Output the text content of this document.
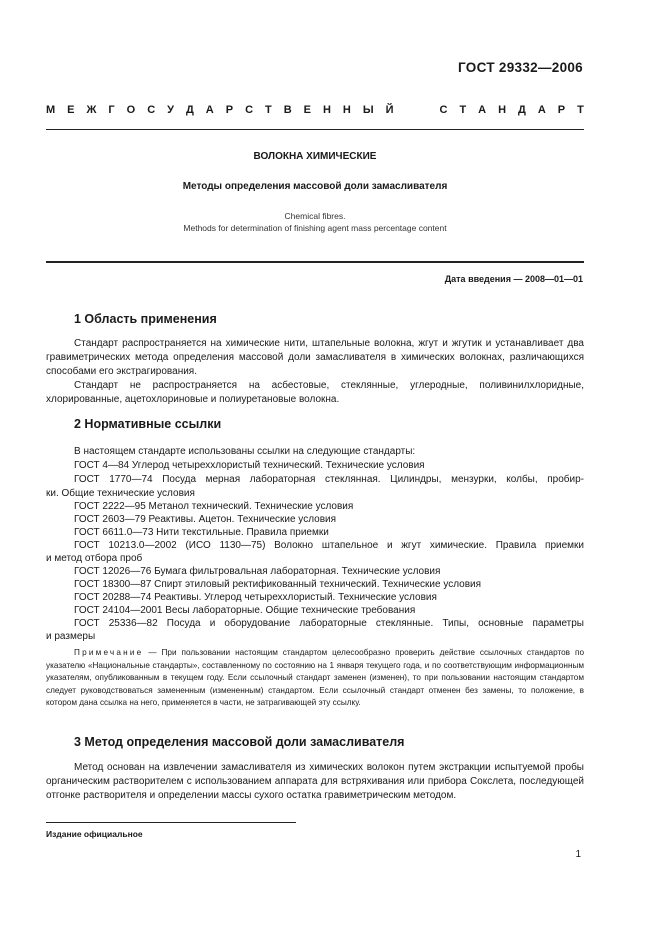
ГОСТ 29332—2006
М Е Ж Г О С У Д А Р С Т В Е Н Н Ы Й	С Т А Н Д А Р Т
ВОЛОКНА ХИМИЧЕСКИЕ
Методы определения массовой доли замасливателя
Chemical fibres.
Methods for determination of finishing agent mass percentage content
Дата введения — 2008—01—01
1 Область применения
Стандарт распространяется на химические нити, штапельные волокна, жгут и жгутик и устанавливает два гравиметрических метода определения массовой доли замасливателя в химических волокнах, различающихся способами его экстрагирования.
Стандарт не распространяется на асбестовые, стеклянные, углеродные, поливинилхлоридные, хлорированные, ацетохлориновые и полиуретановые волокна.
2 Нормативные ссылки
В настоящем стандарте использованы ссылки на следующие стандарты:
ГОСТ 4—84 Углерод четыреххлористый технический. Технические условия
ГОСТ 1770—74 Посуда мерная лабораторная стеклянная. Цилиндры, мензурки, колбы, пробир-
ки. Общие технические условия
ГОСТ 2222—95 Метанол технический. Технические условия
ГОСТ 2603—79 Реактивы. Ацетон. Технические условия
ГОСТ 6611.0—73 Нити текстильные. Правила приемки
ГОСТ 10213.0—2002 (ИСО 1130—75) Волокно штапельное и жгут химические. Правила приемки
и метод отбора проб
ГОСТ 12026—76 Бумага фильтровальная лабораторная. Технические условия
ГОСТ 18300—87 Спирт этиловый ректификованный технический. Технические условия
ГОСТ 20288—74 Реактивы. Углерод четыреххлористый. Технические условия
ГОСТ 24104—2001 Весы лабораторные. Общие технические требования
ГОСТ 25336—82 Посуда и оборудование лабораторные стеклянные. Типы, основные параметры
и размеры
Примечание — При пользовании настоящим стандартом целесообразно проверить действие ссылочных стандартов по указателю «Национальные стандарты», составленному по состоянию на 1 января текущего года, и по соответствующим информационным указателям, опубликованным в текущем году. Если ссылочный стандарт заменен (изменен), то при пользовании настоящим стандартом следует руководствоваться замененным (измененным) стандартом. Если ссылочный стандарт отменен без замены, то положение, в котором дана ссылка на него, применяется в части, не затрагивающей эту ссылку.
3 Метод определения массовой доли замасливателя
Метод основан на извлечении замасливателя из химических волокон путем экстракции испытуемой пробы органическим растворителем с использованием аппарата для встряхивания или прибора Сокслета, последующей отгонке растворителя и определении массы сухого остатка гравиметрическим методом.
Издание официальное
1
